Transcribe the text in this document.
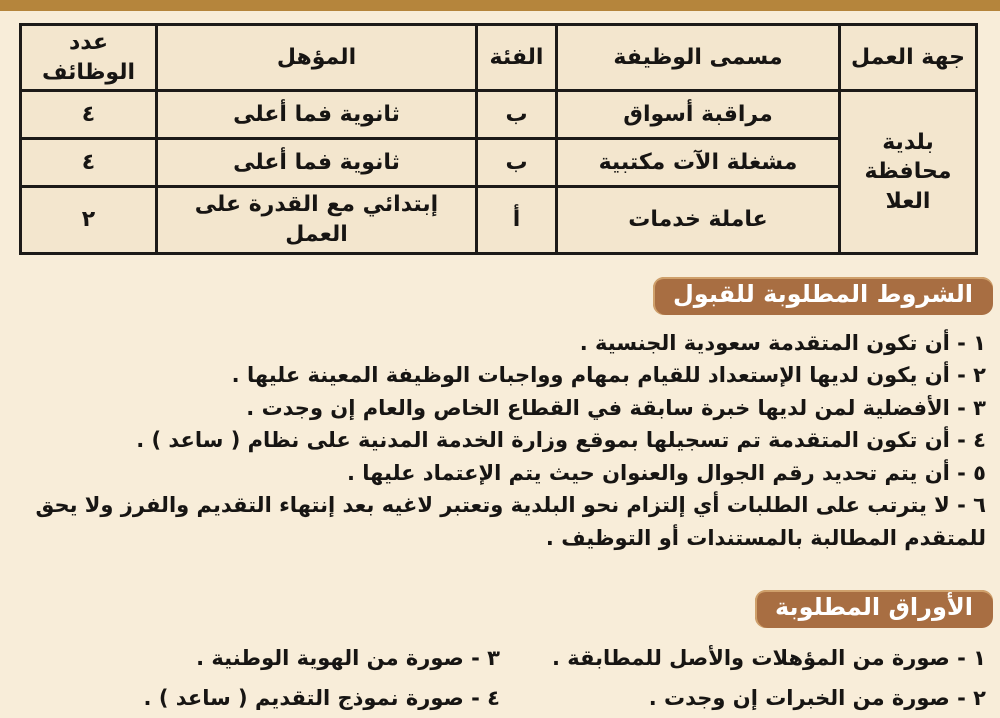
جهة العمل	مسمى الوظيفة	الفئة	المؤهل	عدد الوظائف
بلدية محافظة العلا	مراقبة أسواق	ب	ثانوية فما أعلى	٤
	مشغلة الآت مكتبية	ب	ثانوية فما أعلى	٤
	عاملة خدمات	أ	إبتدائي مع القدرة على العمل	٢
الشروط المطلوبة للقبول
١ - أن تكون المتقدمة سعودية الجنسية .
٢ - أن يكون لديها الإستعداد للقيام بمهام وواجبات الوظيفة المعينة عليها .
٣ - الأفضلية لمن لديها خبرة سابقة في القطاع الخاص والعام إن وجدت .
٤ - أن تكون المتقدمة تم تسجيلها بموقع وزارة الخدمة المدنية على نظام ( ساعد ) .
٥ - أن يتم تحديد رقم الجوال والعنوان حيث يتم الإعتماد عليها .
٦ - لا يترتب على الطلبات أي إلتزام نحو البلدية وتعتبر لاغيه بعد إنتهاء التقديم والفرز ولا يحق للمتقدم المطالبة بالمستندات أو التوظيف .
الأوراق المطلوبة
١ - صورة من المؤهلات والأصل للمطابقة .
٢ - صورة من الخبرات إن وجدت .
٣ - صورة من الهوية الوطنية .
٤ - صورة نموذج التقديم ( ساعد ) .
